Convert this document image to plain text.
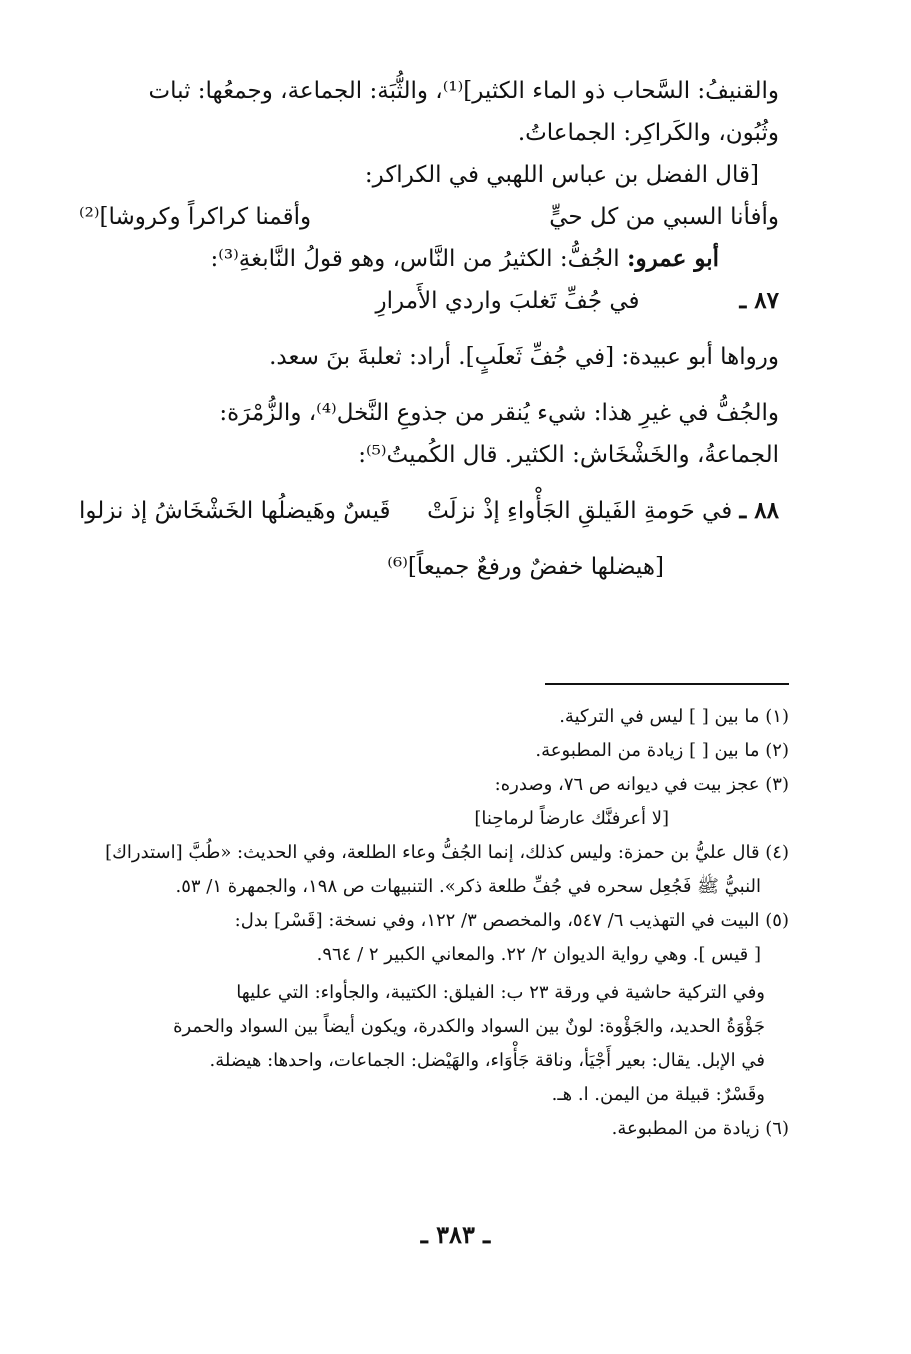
والقنيفُ: السَّحاب ذو الماء الكثير]⁽¹⁾، والثُّبَة: الجماعة، وجمعُها: ثبات

وثُبُون، والكَراكِر: الجماعاتُ.

[قال الفضل بن عباس اللهبي في الكراكر:

وأفأنا السبي من كل حيٍّ
وأقمنا كراكراً وكروشا]⁽²⁾

أبو عمرو: الجُفُّ: الكثيرُ من النَّاس، وهو قولُ النَّابغةِ⁽³⁾:

٨٧ ـ
في جُفِّ تَغلبَ واردي الأَمرارِ

ورواها أبو عبيدة: [في جُفِّ ثَعلَبٍ]. أراد: ثعلبةَ بنَ سعد.

والجُفُّ في غيرِ هذا: شيء يُنقر من جذوعِ النَّخل⁽⁴⁾، والزُّمْرَة:

الجماعةُ، والخَشْخَاش: الكثير. قال الكُميتُ⁽⁵⁾:

٨٨ ـ في حَومةِ الفَيلقِ الجَأْواءِ إذْ نزلَتْ
قَيسٌ وهَيضلُها الخَشْخَاشُ إذ نزلوا

[هيضلها خفضٌ ورفعٌ جميعاً]⁽⁶⁾

(١) ما بين [ ] ليس في التركية.

(٢) ما بين [ ] زيادة من المطبوعة.

(٣) عجز بيت في ديوانه ص ٧٦، وصدره:

[لا أعرفنَّك عارضاً لرماحِنا]

(٤) قال عليُّ بن حمزة: وليس كذلك، إنما الجُفُّ وعاء الطلعة، وفي الحديث: «طُبَّ [استدراك]

النبيُّ ﷺ فَجُعِل سحره في جُفِّ طلعة ذكر». التنبيهات ص ١٩٨، والجمهرة ١/ ٥٣.

(٥) البيت في التهذيب ٦/ ٥٤٧، والمخصص ٣/ ١٢٢، وفي نسخة: [قَسْر] بدل:

[ قيس ]. وهي رواية الديوان ٢/ ٢٢. والمعاني الكبير ٢ / ٩٦٤.

وفي التركية حاشية في ورقة ٢٣ ب: الفيلق: الكتيبة، والجأواء: التي عليها

جَؤْوَةُ الحديد، والجَؤْوة: لونٌ بين السواد والكدرة، ويكون أيضاً بين السواد والحمرة

في الإبل. يقال: بعير أَجْيَأ، وناقة جَأْوَاء، والهَيْضل: الجماعات، واحدها: هيضلة.

وقَسْرٌ: قبيلة من اليمن. ا. هـ.

(٦) زيادة من المطبوعة.

ـ ٣٨٣ ـ
